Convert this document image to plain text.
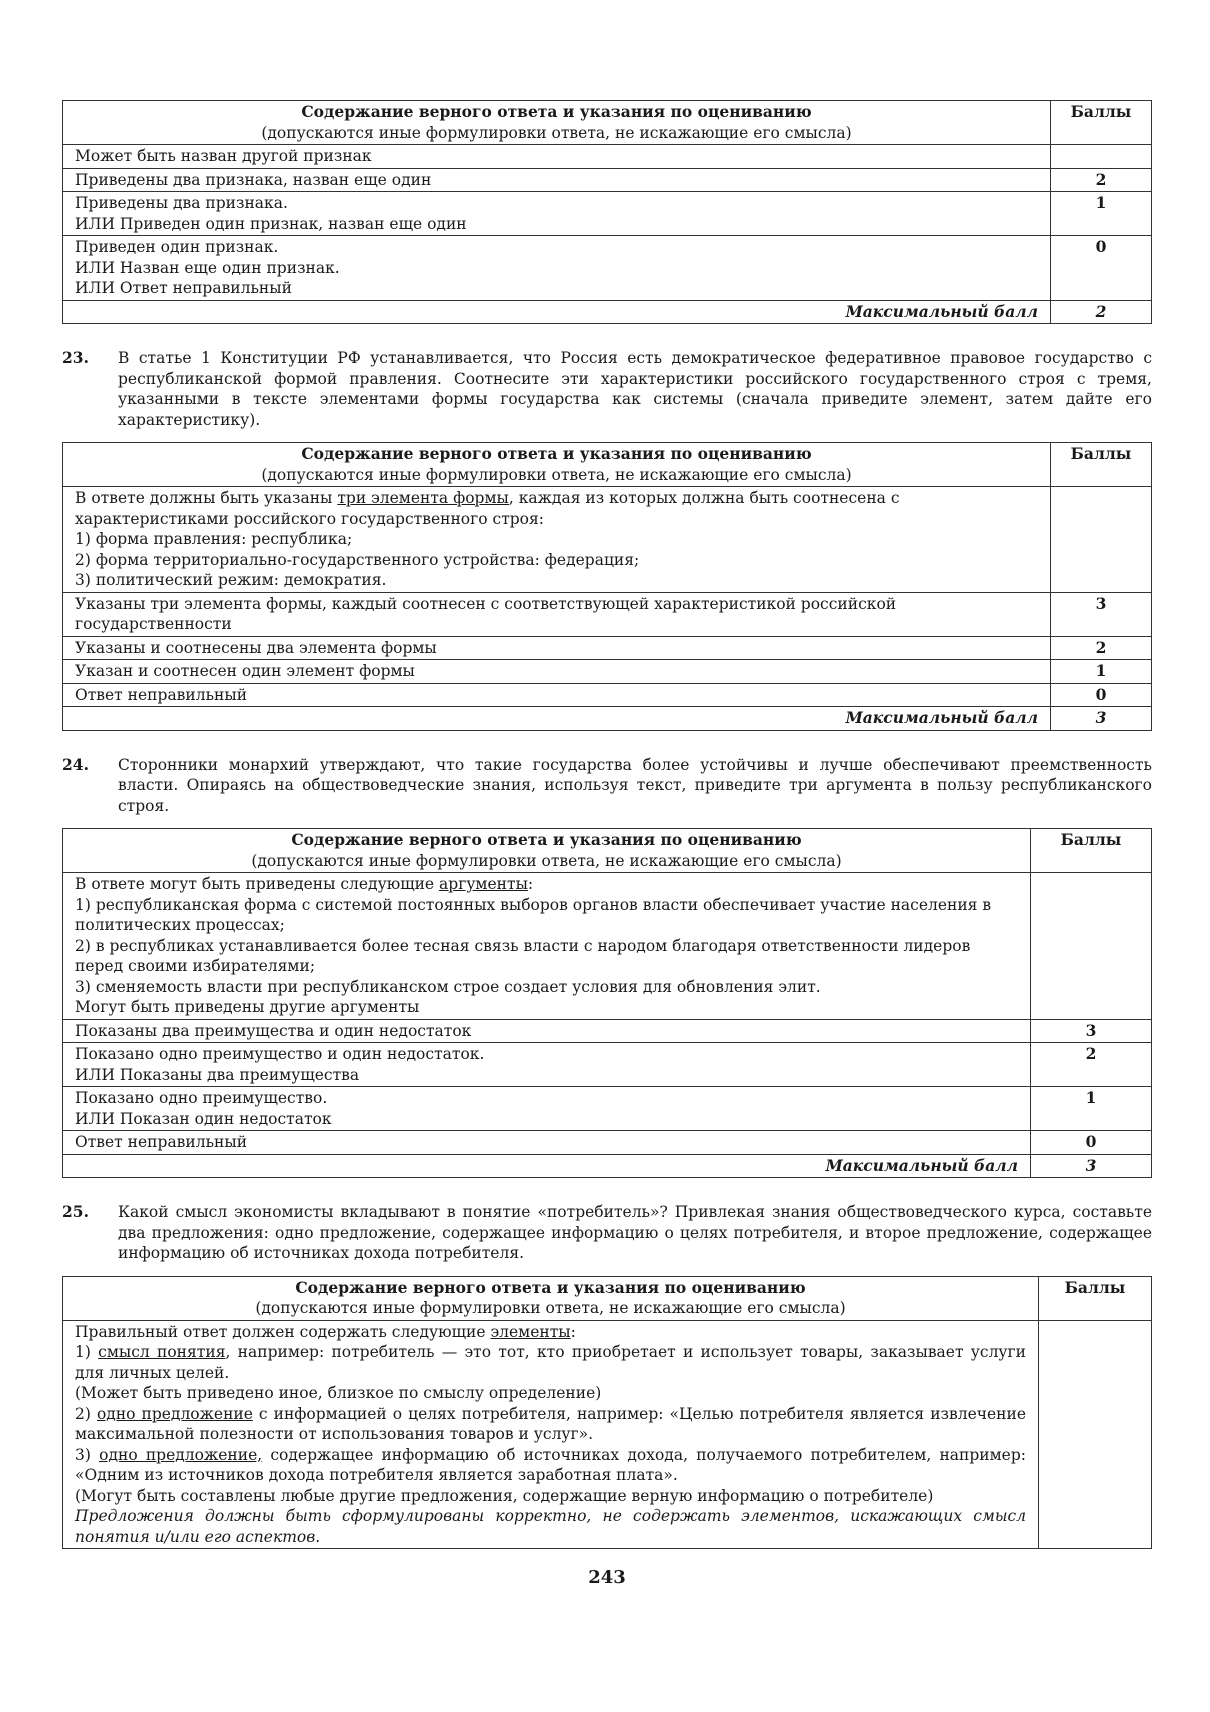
Содержание верного ответа и указания по оцениванию
(допускаются иные формулировки ответа, не искажающие его смысла)	Баллы

Может быть назван другой признак	

Приведены два признака, назван еще один	2

Приведены два признака.
ИЛИ Приведен один признак, назван еще один	1

Приведен один признак.
ИЛИ Назван еще один признак.
ИЛИ Ответ неправильный	0
Максимальный балл	2
23.	В статье 1 Конституции РФ устанавливается, что Россия есть демократическое федеративное правовое государство с республиканской формой правления. Соотнесите эти характеристики российского государственного строя с тремя, указанными в тексте элементами формы государства как системы (сначала приведите элемент, затем дайте его характеристику).
Содержание верного ответа и указания по оцениванию
(допускаются иные формулировки ответа, не искажающие его смысла)	Баллы
В ответе должны быть указаны три элемента формы, каждая из которых должна быть соотнесена с характеристиками российского государственного строя:
1) форма правления: республика;
2) форма территориально-государственного устройства: федерация;
3) политический режим: демократия.	

Указаны три элемента формы, каждый соотнесен с соответствующей характеристикой российской государственности	3
Указаны и соотнесены два элемента формы	2
Указан и соотнесен один элемент формы	1
Ответ неправильный	0
Максимальный балл	3
24.	Сторонники монархий утверждают, что такие государства более устойчивы и лучше обеспечивают преемственность власти. Опираясь на обществоведческие знания, используя текст, приведите три аргумента в пользу республиканского строя.
Содержание верного ответа и указания по оцениванию
(допускаются иные формулировки ответа, не искажающие его смысла)	Баллы
В ответе могут быть приведены следующие аргументы:
1) республиканская форма с системой постоянных выборов органов власти обеспечивает участие населения в политических процессах;
2) в республиках устанавливается более тесная связь власти с народом благодаря ответственности лидеров перед своими избирателями;
3) сменяемость власти при республиканском строе создает условия для обновления элит.
Могут быть приведены другие аргументы	

Показаны два преимущества и один недостаток	3

Показано одно преимущество и один недостаток.
ИЛИ Показаны два преимущества	2

Показано одно преимущество.
ИЛИ Показан один недостаток	1

Ответ неправильный	0
Максимальный балл	3
25.	Какой смысл экономисты вкладывают в понятие «потребитель»? Привлекая знания обществоведческого курса, составьте два предложения: одно предложение, содержащее информацию о целях потребителя, и второе предложение, содержащее информацию об источниках дохода потребителя.
Содержание верного ответа и указания по оцениванию
(допускаются иные формулировки ответа, не искажающие его смысла)	Баллы

Правильный ответ должен содержать следующие элементы:
1) смысл понятия, например: потребитель — это тот, кто приобретает и использует товары, заказывает услуги для личных целей.
(Может быть приведено иное, близкое по смыслу определение)
2) одно предложение с информацией о целях потребителя, например: «Целью потребителя является извлечение максимальной полезности от использования товаров и услуг».
3) одно предложение, содержащее информацию об источниках дохода, получаемого потребителем, например: «Одним из источников дохода потребителя является заработная плата».
(Могут быть составлены любые другие предложения, содержащие верную информацию о потребителе)
Предложения должны быть сформулированы корректно, не содержать элементов, искажающих смысл понятия и/или его аспектов.

243
